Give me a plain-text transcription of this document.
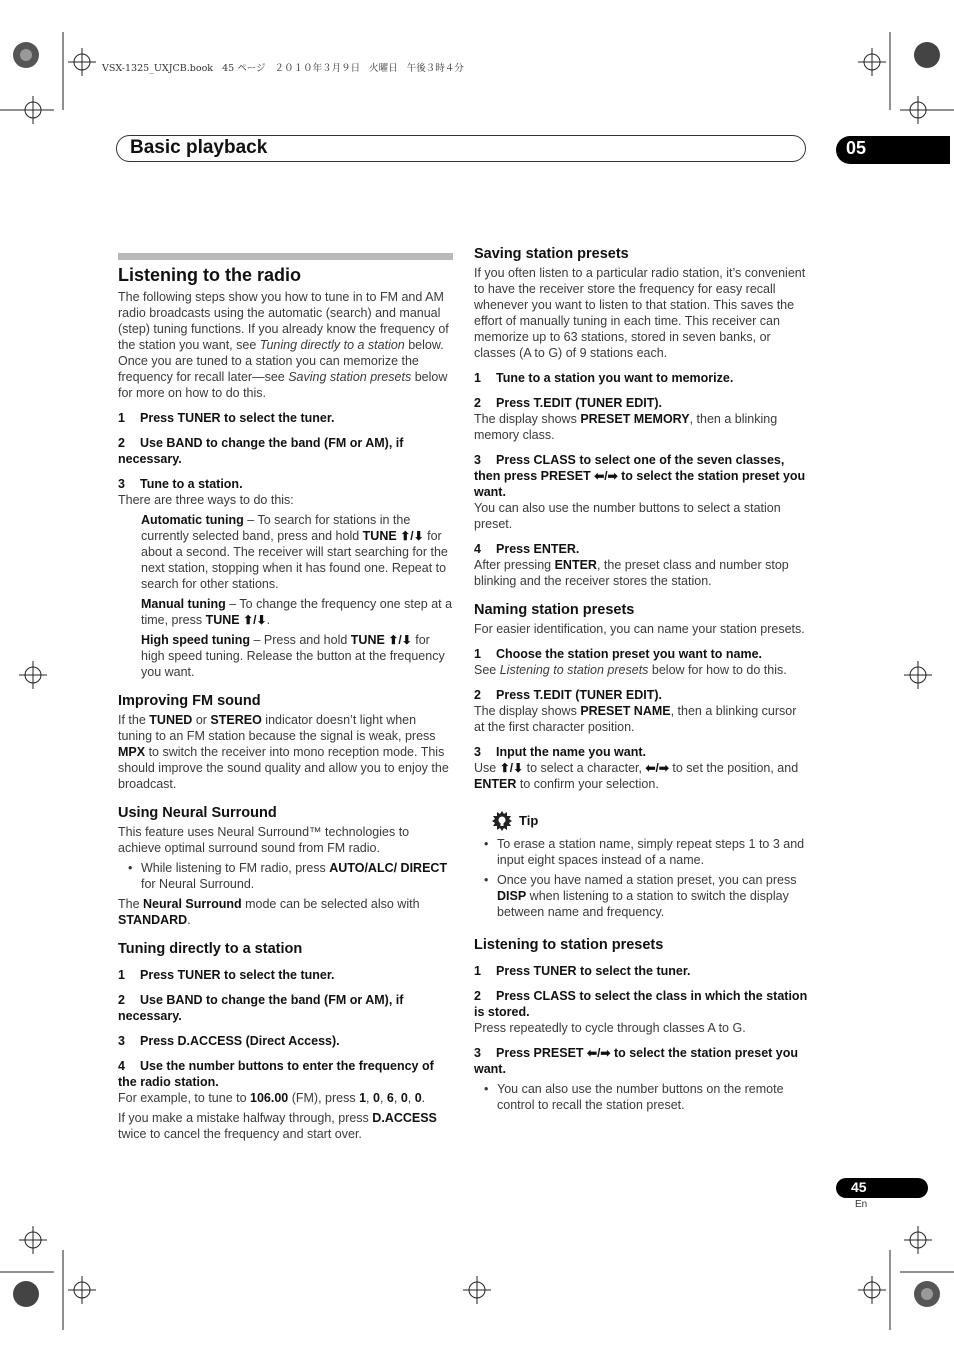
VSX-1325_UXJCB.book   45 ページ   ２０１０年３月９日   火曜日   午後３時４分
Basic playback	05
Listening to the radio

The following steps show you how to tune in to FM and AM radio broadcasts using the automatic (search) and manual (step) tuning functions. If you already know the frequency of the station you want, see Tuning directly to a station below. Once you are tuned to a station you can memorize the frequency for recall later—see Saving station presets below for more on how to do this.

1 Press TUNER to select the tuner.

2 Use BAND to change the band (FM or AM), if necessary.

3 Tune to a station.

There are three ways to do this:

Automatic tuning – To search for stations in the currently selected band, press and hold TUNE ⬆/⬇ for about a second. The receiver will start searching for the next station, stopping when it has found one. Repeat to search for other stations.

Manual tuning – To change the frequency one step at a time, press TUNE ⬆/⬇.

High speed tuning – Press and hold TUNE ⬆/⬇ for high speed tuning. Release the button at the frequency you want.

Improving FM sound

If the TUNED or STEREO indicator doesn’t light when tuning to an FM station because the signal is weak, press MPX to switch the receiver into mono reception mode. This should improve the sound quality and allow you to enjoy the broadcast.

Using Neural Surround

This feature uses Neural Surround™ technologies to achieve optimal surround sound from FM radio.

• While listening to FM radio, press AUTO/ALC/ DIRECT for Neural Surround.

The Neural Surround mode can be selected also with STANDARD.

Tuning directly to a station

1 Press TUNER to select the tuner.

2 Use BAND to change the band (FM or AM), if necessary.

3 Press D.ACCESS (Direct Access).

4 Use the number buttons to enter the frequency of the radio station.

For example, to tune to 106.00 (FM), press 1, 0, 6, 0, 0.

If you make a mistake halfway through, press D.ACCESS twice to cancel the frequency and start over.

Saving station presets

If you often listen to a particular radio station, it’s convenient to have the receiver store the frequency for easy recall whenever you want to listen to that station. This saves the effort of manually tuning in each time. This receiver can memorize up to 63 stations, stored in seven banks, or classes (A to G) of 9 stations each.

1 Tune to a station you want to memorize.

2 Press T.EDIT (TUNER EDIT).

The display shows PRESET MEMORY, then a blinking memory class.

3 Press CLASS to select one of the seven classes, then press PRESET ⬅/➡ to select the station preset you want.

You can also use the number buttons to select a station preset.

4 Press ENTER.

After pressing ENTER, the preset class and number stop blinking and the receiver stores the station.

Naming station presets

For easier identification, you can name your station presets.

1 Choose the station preset you want to name.

See Listening to station presets below for how to do this.

2 Press T.EDIT (TUNER EDIT).

The display shows PRESET NAME, then a blinking cursor at the first character position.

3 Input the name you want.

Use ⬆/⬇ to select a character, ⬅/➡ to set the position, and ENTER to confirm your selection.

Tip

• To erase a station name, simply repeat steps 1 to 3 and input eight spaces instead of a name.

• Once you have named a station preset, you can press DISP when listening to a station to switch the display between name and frequency.

Listening to station presets

1 Press TUNER to select the tuner.

2 Press CLASS to select the class in which the station is stored.

Press repeatedly to cycle through classes A to G.

3 Press PRESET ⬅/➡ to select the station preset you want.

• You can also use the number buttons on the remote control to recall the station preset.

45
En
